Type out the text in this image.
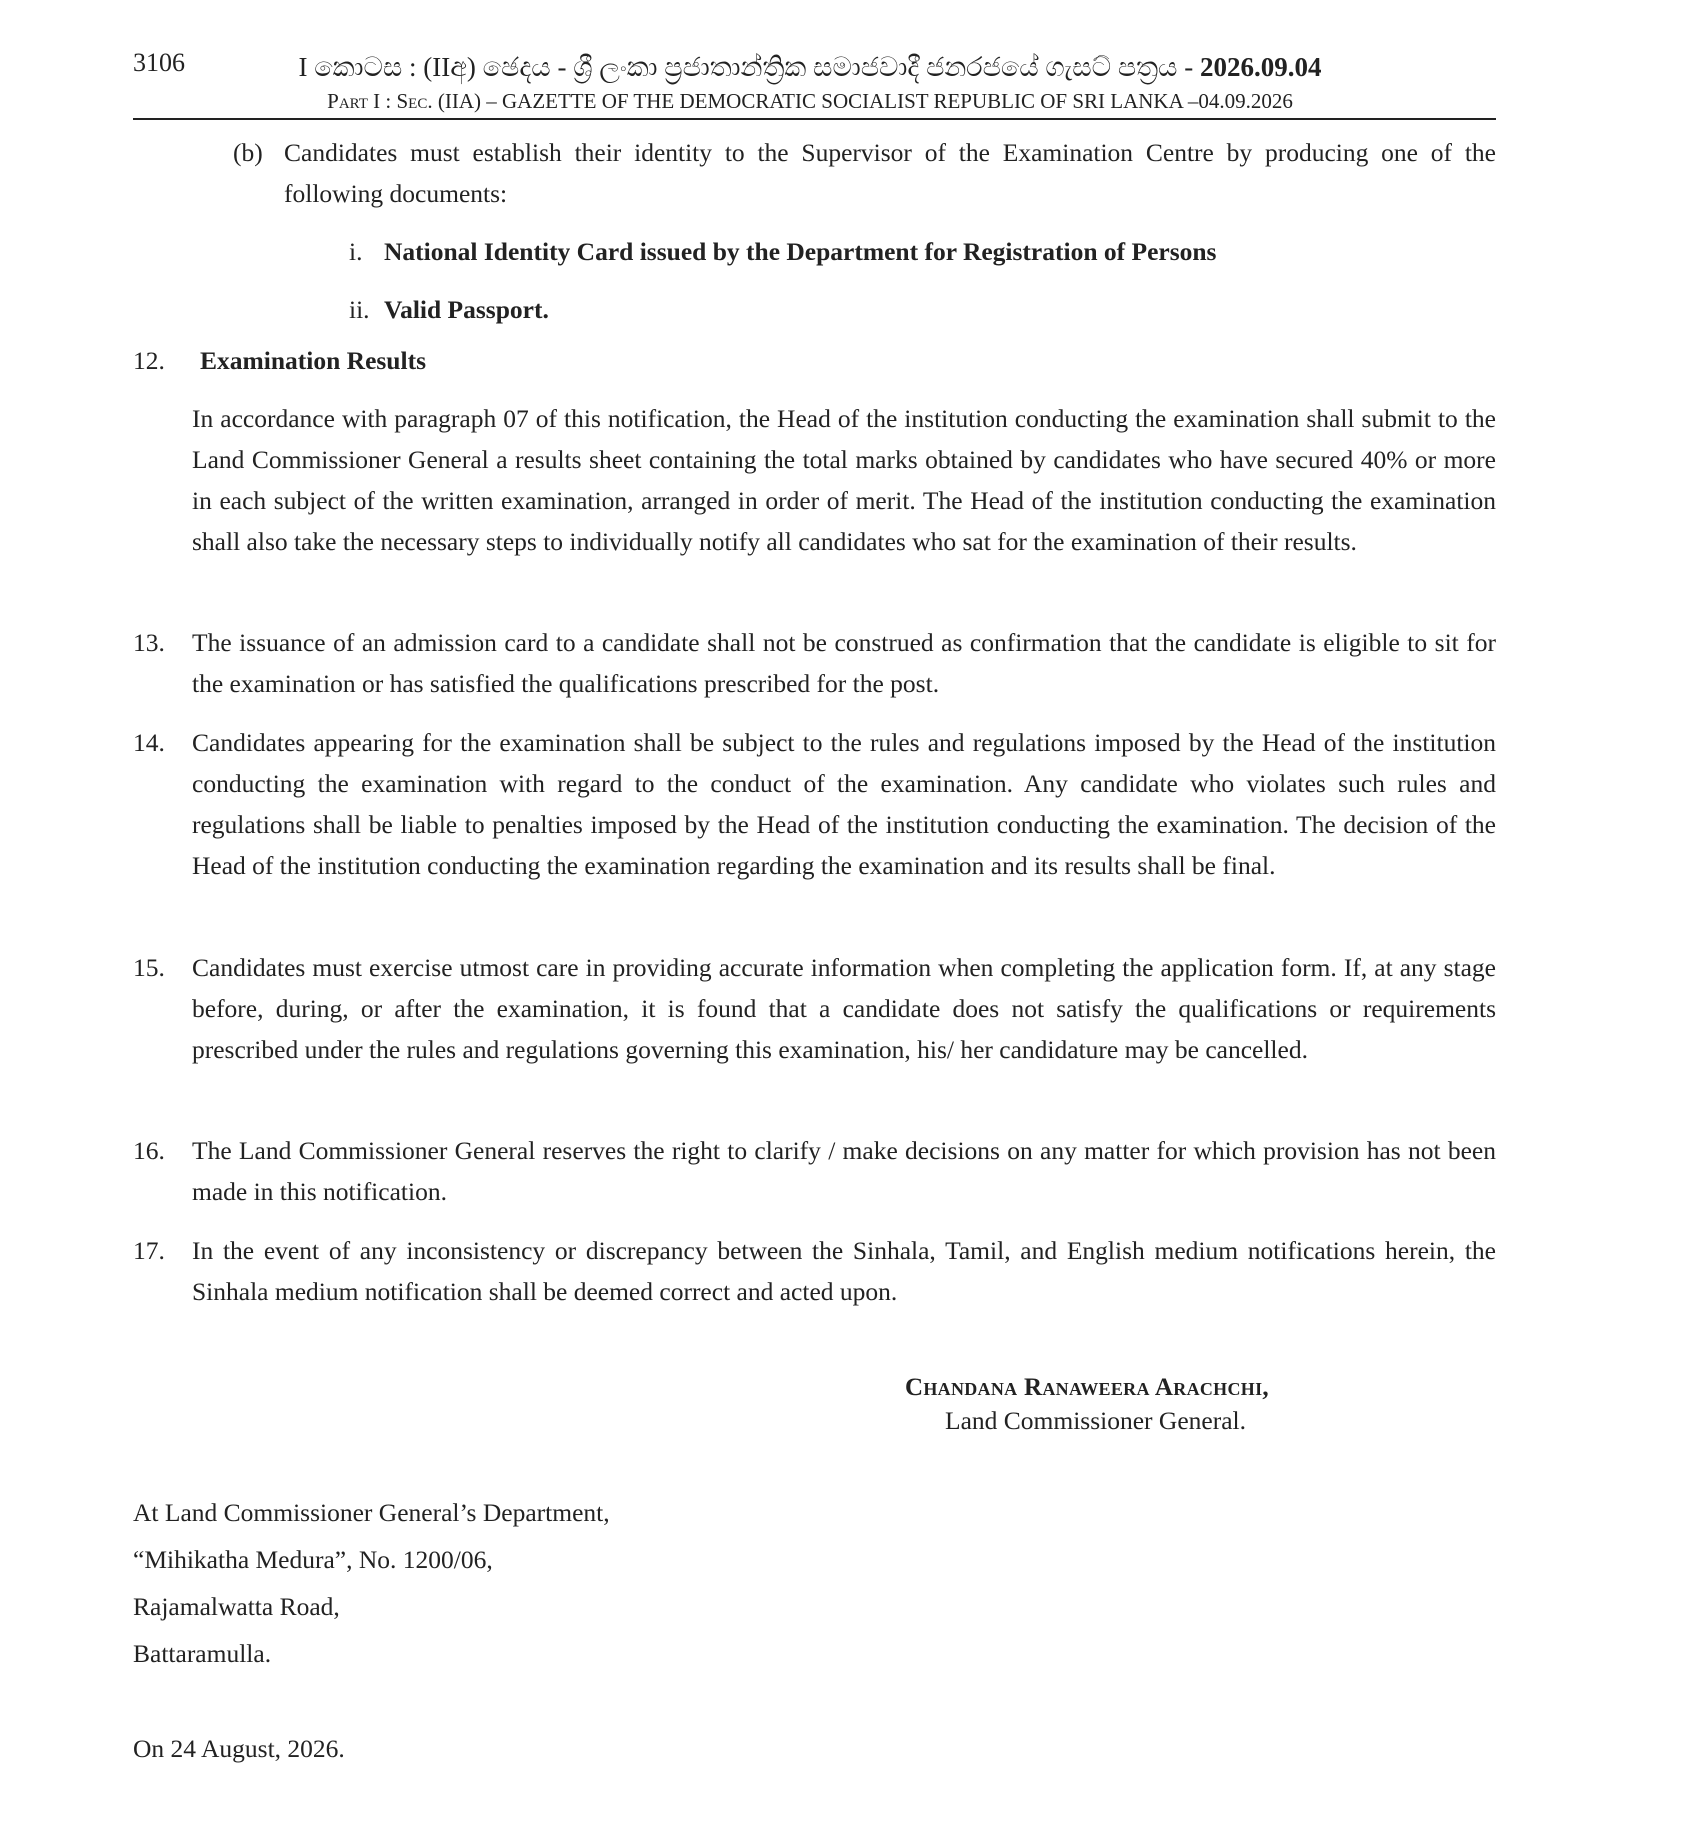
3106	I කොටස : (IIඅ) ඡෙදය - ශ්‍රී ලංකා ප්‍රජාතාන්ත්‍රික සමාජවාදී ජනරජයේ ගැසට් පත්‍රය - 2026.09.04
Part I : Sec. (IIA) – GAZETTE OF THE DEMOCRATIC SOCIALIST REPUBLIC OF SRI LANKA –04.09.2026
(b) Candidates must establish their identity to the Supervisor of the Examination Centre by producing one of the following documents:
i. National Identity Card issued by the Department for Registration of Persons
ii. Valid Passport.
12. Examination Results
In accordance with paragraph 07 of this notification, the Head of the institution conducting the examination shall submit to the Land Commissioner General a results sheet containing the total marks obtained by candidates who have secured 40% or more in each subject of the written examination, arranged in order of merit. The Head of the institution conducting the examination shall also take the necessary steps to individually notify all candidates who sat for the examination of their results.
13. The issuance of an admission card to a candidate shall not be construed as confirmation that the candidate is eligible to sit for the examination or has satisfied the qualifications prescribed for the post.
14. Candidates appearing for the examination shall be subject to the rules and regulations imposed by the Head of the institution conducting the examination with regard to the conduct of the examination. Any candidate who violates such rules and regulations shall be liable to penalties imposed by the Head of the institution conducting the examination. The decision of the Head of the institution conducting the examination regarding the examination and its results shall be final.
15. Candidates must exercise utmost care in providing accurate information when completing the application form. If, at any stage before, during, or after the examination, it is found that a candidate does not satisfy the qualifications or requirements prescribed under the rules and regulations governing this examination, his/ her candidature may be cancelled.
16. The Land Commissioner General reserves the right to clarify / make decisions on any matter for which provision has not been made in this notification.
17. In the event of any inconsistency or discrepancy between the Sinhala, Tamil, and English medium notifications herein, the Sinhala medium notification shall be deemed correct and acted upon.
Chandana Ranaweera Arachchi,
Land Commissioner General.
At Land Commissioner General’s Department,
“Mihikatha Medura”, No. 1200/06,
Rajamalwatta Road,
Battaramulla.
On 24 August, 2026.
